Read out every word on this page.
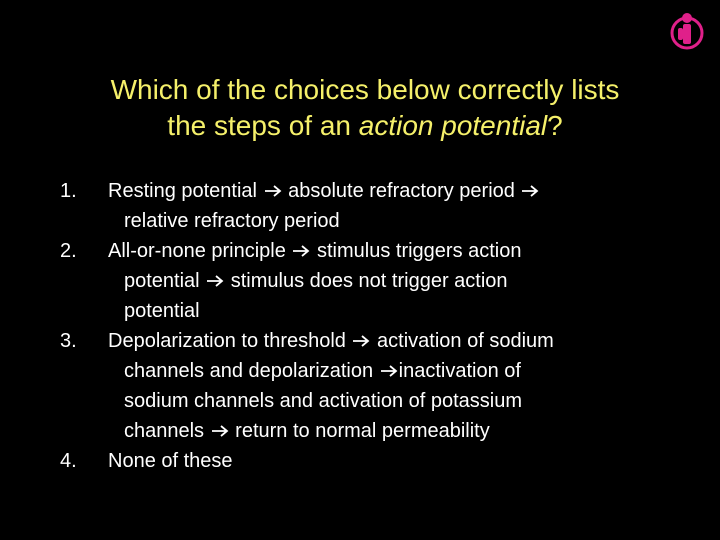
Which of the choices below correctly lists
the steps of an action potential?
1. Resting potential
absolute refractory period
relative refractory period
2. All-or-none principle
stimulus triggers action
potential
stimulus does not trigger action
potential
3. Depolarization to threshold
activation of sodium
channels and depolarization
inactivation of
sodium channels and activation of potassium
channels
return to normal permeability
4. None of these
